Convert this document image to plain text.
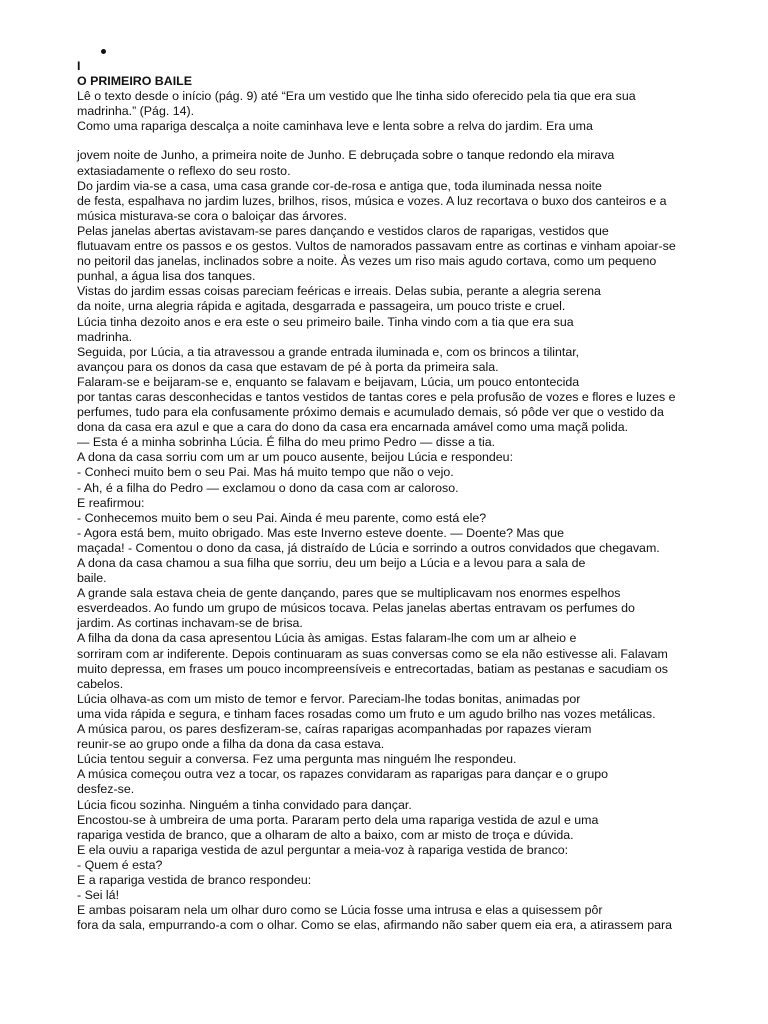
I

O PRIMEIRO BAILE

Lê o texto desde o início (pág. 9) até “Era um vestido que lhe tinha sido oferecido pela tia que era sua

madrinha.” (Pág. 14).

Como uma rapariga descalça a noite caminhava leve e lenta sobre a relva do jardim. Era uma

jovem noite de Junho, a primeira noite de Junho. E debruçada sobre o tanque redondo ela mirava

extasiadamente o reflexo do seu rosto.

Do jardim via-se a casa, uma casa grande cor-de-rosa e antiga que, toda iluminada nessa noite

de festa, espalhava no jardim luzes, brilhos, risos, música e vozes. A luz recortava o buxo dos canteiros e a

música misturava-se cora o baloiçar das árvores.

Pelas janelas abertas avistavam-se pares dançando e vestidos claros de raparigas, vestidos que

flutuavam entre os passos e os gestos. Vultos de namorados passavam entre as cortinas e vinham apoiar-se

no peitoril das janelas, inclinados sobre a noite. Às vezes um riso mais agudo cortava, como um pequeno

punhal, a água lisa dos tanques.

Vistas do jardim essas coisas pareciam feéricas e irreais. Delas subia, perante a alegria serena

da noite, urna alegria rápida e agitada, desgarrada e passageira, um pouco triste e cruel.

Lúcia tinha dezoito anos e era este o seu primeiro baile. Tinha vindo com a tia que era sua

madrinha.

Seguida, por Lúcia, a tia atravessou a grande entrada iluminada e, com os brincos a tilintar,

avançou para os donos da casa que estavam de pé à porta da primeira sala.

Falaram-se e beijaram-se e, enquanto se falavam e beijavam, Lúcia, um pouco entontecida

por tantas caras desconhecidas e tantos vestidos de tantas cores e pela profusão de vozes e flores e luzes e

perfumes, tudo para ela confusamente próximo demais e acumulado demais, só pôde ver que o vestido da

dona da casa era azul e que a cara do dono da casa era encarnada amável como uma maçã polida.

— Esta é a minha sobrinha Lúcia. É filha do meu primo Pedro — disse a tia.

A dona da casa sorriu com um ar um pouco ausente, beijou Lúcia e respondeu:

- Conheci muito bem o seu Pai. Mas há muito tempo que não o vejo.

- Ah, é a filha do Pedro — exclamou o dono da casa com ar caloroso.

E reafirmou:

- Conhecemos muito bem o seu Pai. Ainda é meu parente, como está ele?

- Agora está bem, muito obrigado. Mas este Inverno esteve doente. — Doente? Mas que

maçada! - Comentou o dono da casa, já distraído de Lúcia e sorrindo a outros convidados que chegavam.

A dona da casa chamou a sua filha que sorriu, deu um beijo a Lúcia e a levou para a sala de

baile.

A grande sala estava cheia de gente dançando, pares que se multiplicavam nos enormes espelhos

esverdeados. Ao fundo um grupo de músicos tocava. Pelas janelas abertas entravam os perfumes do

jardim. As cortinas inchavam-se de brisa.

A filha da dona da casa apresentou Lúcia às amigas. Estas falaram-lhe com um ar alheio e

sorriram com ar indiferente. Depois continuaram as suas conversas como se ela não estivesse ali. Falavam

muito depressa, em frases um pouco incompreensíveis e entrecortadas, batiam as pestanas e sacudiam os

cabelos.

Lúcia olhava-as com um misto de temor e fervor. Pareciam-lhe todas bonitas, animadas por

uma vida rápida e segura, e tinham faces rosadas como um fruto e um agudo brilho nas vozes metálicas.

A música parou, os pares desfizeram-se, caíras raparigas acompanhadas por rapazes vieram

reunir-se ao grupo onde a filha da dona da casa estava.

Lúcia tentou seguir a conversa. Fez uma pergunta mas ninguém lhe respondeu.

A música começou outra vez a tocar, os rapazes convidaram as raparigas para dançar e o grupo

desfez-se.

Lúcia ficou sozinha. Ninguém a tinha convidado para dançar.

Encostou-se à umbreira de uma porta. Pararam perto dela uma rapariga vestida de azul e uma

rapariga vestida de branco, que a olharam de alto a baixo, com ar misto de troça e dúvida.

E ela ouviu a rapariga vestida de azul perguntar a meia-voz à rapariga vestida de branco:

- Quem é esta?

E a rapariga vestida de branco respondeu:

- Sei lá!

E ambas poisaram nela um olhar duro como se Lúcia fosse uma intrusa e elas a quisessem pôr

fora da sala, empurrando-a com o olhar. Como se elas, afirmando não saber quem eia era, a atirassem para
